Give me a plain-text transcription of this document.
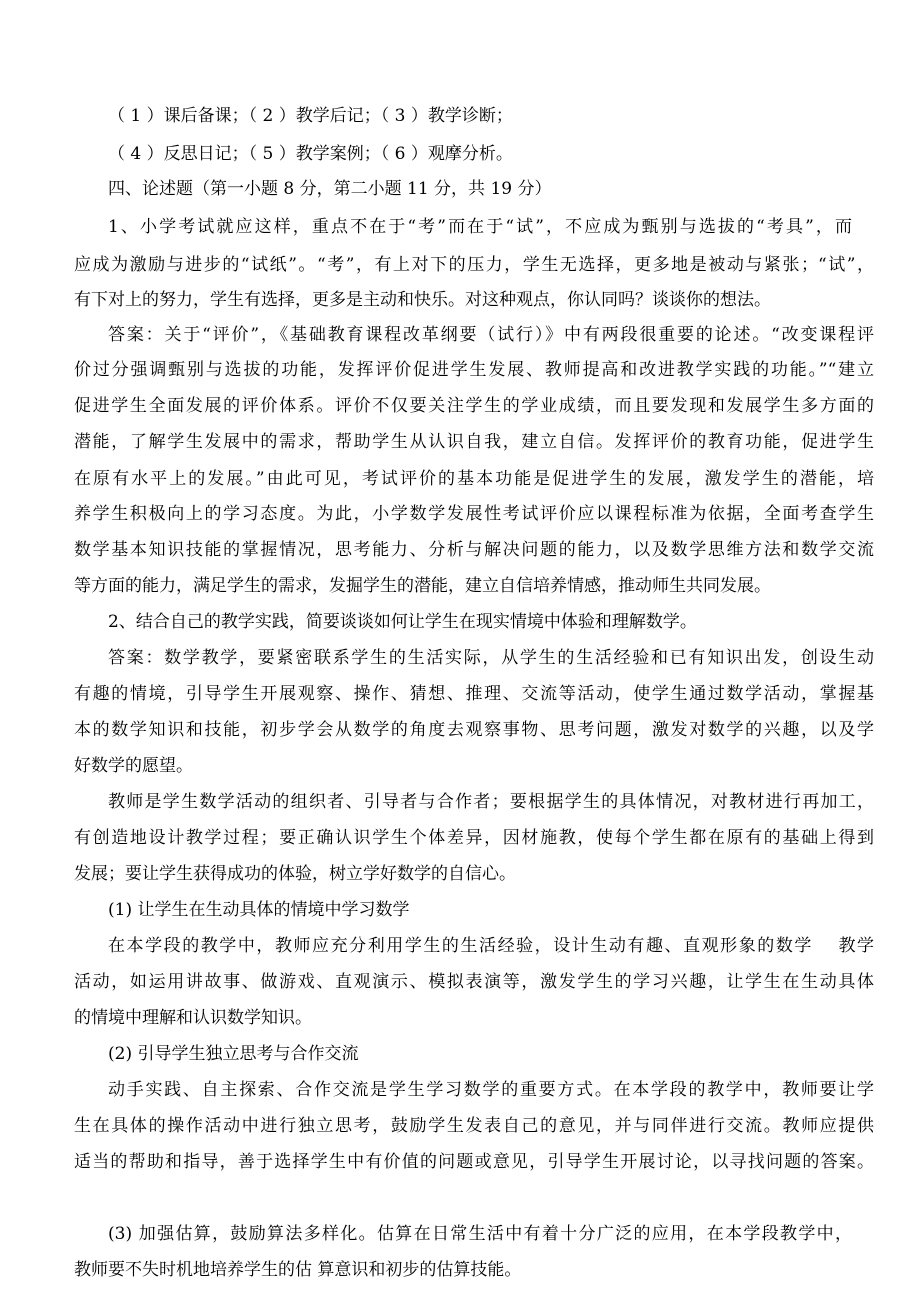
（ 1 ）课后备课；（ 2 ）教学后记；（ 3 ）教学诊断；
（ 4 ）反思日记；（ 5 ）教学案例；（ 6 ）观摩分析。
四、论述题（第一小题 8 分，第二小题 11 分，共 19 分）
1、小学考试就应这样，重点不在于“考”而在于“试”，不应成为甄别与选拔的“考具”，而
应成为激励与进步的“试纸”。“考”，有上对下的压力，学生无选择，更多地是被动与紧张；“试”，
有下对上的努力，学生有选择，更多是主动和快乐。对这种观点，你认同吗？谈谈你的想法。
答案：关于“评价”，《基础教育课程改革纲要（试行）》中有两段很重要的论述。“改变课程评
价过分强调甄别与选拔的功能，发挥评价促进学生发展、教师提高和改进教学实践的功能。”“建立
促进学生全面发展的评价体系。评价不仅要关注学生的学业成绩，而且要发现和发展学生多方面的
潜能，了解学生发展中的需求，帮助学生从认识自我，建立自信。发挥评价的教育功能，促进学生
在原有水平上的发展。”由此可见，考试评价的基本功能是促进学生的发展，激发学生的潜能，培
养学生积极向上的学习态度。为此，小学数学发展性考试评价应以课程标准为依据，全面考查学生
数学基本知识技能的掌握情况，思考能力、分析与解决问题的能力，以及数学思维方法和数学交流
等方面的能力，满足学生的需求，发掘学生的潜能，建立自信培养情感，推动师生共同发展。
2、结合自己的教学实践，简要谈谈如何让学生在现实情境中体验和理解数学。
答案：数学教学，要紧密联系学生的生活实际，从学生的生活经验和已有知识出发，创设生动
有趣的情境，引导学生开展观察、操作、猜想、推理、交流等活动，使学生通过数学活动，掌握基
本的数学知识和技能，初步学会从数学的角度去观察事物、思考问题，激发对数学的兴趣，以及学
好数学的愿望。
教师是学生数学活动的组织者、引导者与合作者；要根据学生的具体情况，对教材进行再加工，
有创造地设计教学过程；要正确认识学生个体差异，因材施教，使每个学生都在原有的基础上得到
发展；要让学生获得成功的体验，树立学好数学的自信心。
(1) 让学生在生动具体的情境中学习数学
在本学段的教学中，教师应充分利用学生的生活经验，设计生动有趣、直观形象的数学 　教学
活动，如运用讲故事、做游戏、直观演示、模拟表演等，激发学生的学习兴趣，让学生在生动具体
的情境中理解和认识数学知识。
(2) 引导学生独立思考与合作交流
动手实践、自主探索、合作交流是学生学习数学的重要方式。在本学段的教学中，教师要让学
生在具体的操作活动中进行独立思考，鼓励学生发表自己的意见，并与同伴进行交流。教师应提供
适当的帮助和指导，善于选择学生中有价值的问题或意见，引导学生开展讨论，以寻找问题的答案。
(3) 加强估算，鼓励算法多样化。估算在日常生活中有着十分广泛的应用，在本学段教学中，
教师要不失时机地培养学生的估 算意识和初步的估算技能。
